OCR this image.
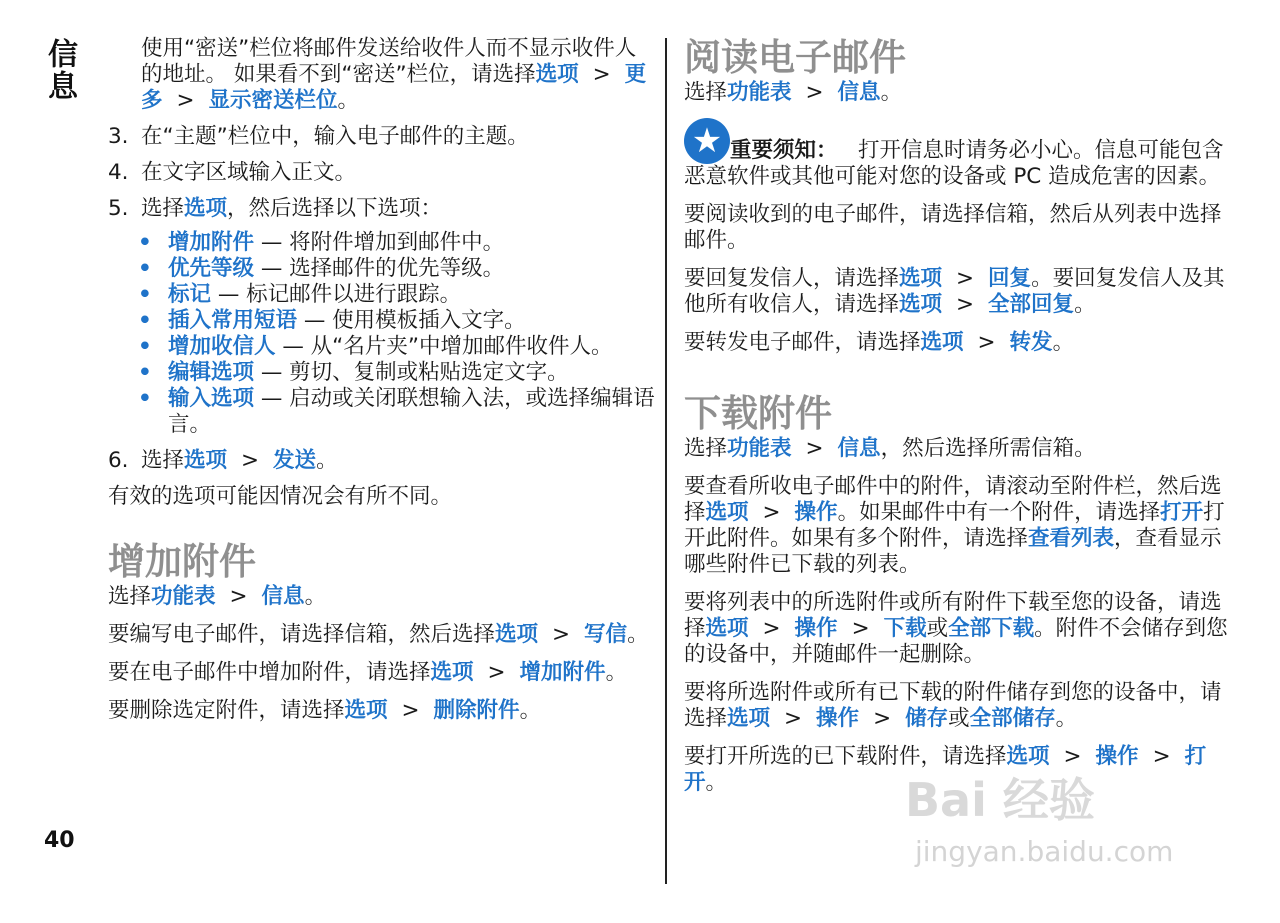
信息
40

使用“密送”栏位将邮件发送给收件人而不显示收件人的地址。 如果看不到“密送”栏位，请选择选项 > 更多 > 显示密送栏位。

3. 在“主题”栏位中，输入电子邮件的主题。

4. 在文字区域输入正文。

5. 选择选项，然后选择以下选项：

• 增加附件 — 将附件增加到邮件中。

• 优先等级 — 选择邮件的优先等级。

• 标记 — 标记邮件以进行跟踪。

• 插入常用短语 — 使用模板插入文字。

• 增加收信人 — 从“名片夹”中增加邮件收件人。

• 编辑选项 — 剪切、复制或粘贴选定文字。

• 输入选项 — 启动或关闭联想输入法，或选择编辑语言。

6. 选择选项 > 发送。

有效的选项可能因情况会有所不同。

增加附件

选择功能表 > 信息。

要编写电子邮件，请选择信箱，然后选择选项 > 写信。

要在电子邮件中增加附件，请选择选项 > 增加附件。

要删除选定附件，请选择选项 > 删除附件。

阅读电子邮件

选择功能表 > 信息。

★ 重要须知： 打开信息时请务必小心。信息可能包含恶意软件或其他可能对您的设备或 PC 造成危害的因素。

要阅读收到的电子邮件，请选择信箱，然后从列表中选择邮件。

要回复发信人，请选择选项 > 回复。要回复发信人及其他所有收信人，请选择选项 > 全部回复。

要转发电子邮件，请选择选项 > 转发。

下载附件

选择功能表 > 信息，然后选择所需信箱。

要查看所收电子邮件中的附件，请滚动至附件栏，然后选择选项 > 操作。如果邮件中有一个附件，请选择打开打开此附件。如果有多个附件，请选择查看列表，查看显示哪些附件已下载的列表。

要将列表中的所选附件或所有附件下载至您的设备，请选择选项 > 操作 > 下载或全部下载。附件不会储存到您的设备中，并随邮件一起删除。

要将所选附件或所有已下载的附件储存到您的设备中，请选择选项 > 操作 > 储存或全部储存。

要打开所选的已下载附件，请选择选项 > 操作 > 打开。	Bai 经验
jingyan.baidu.com
